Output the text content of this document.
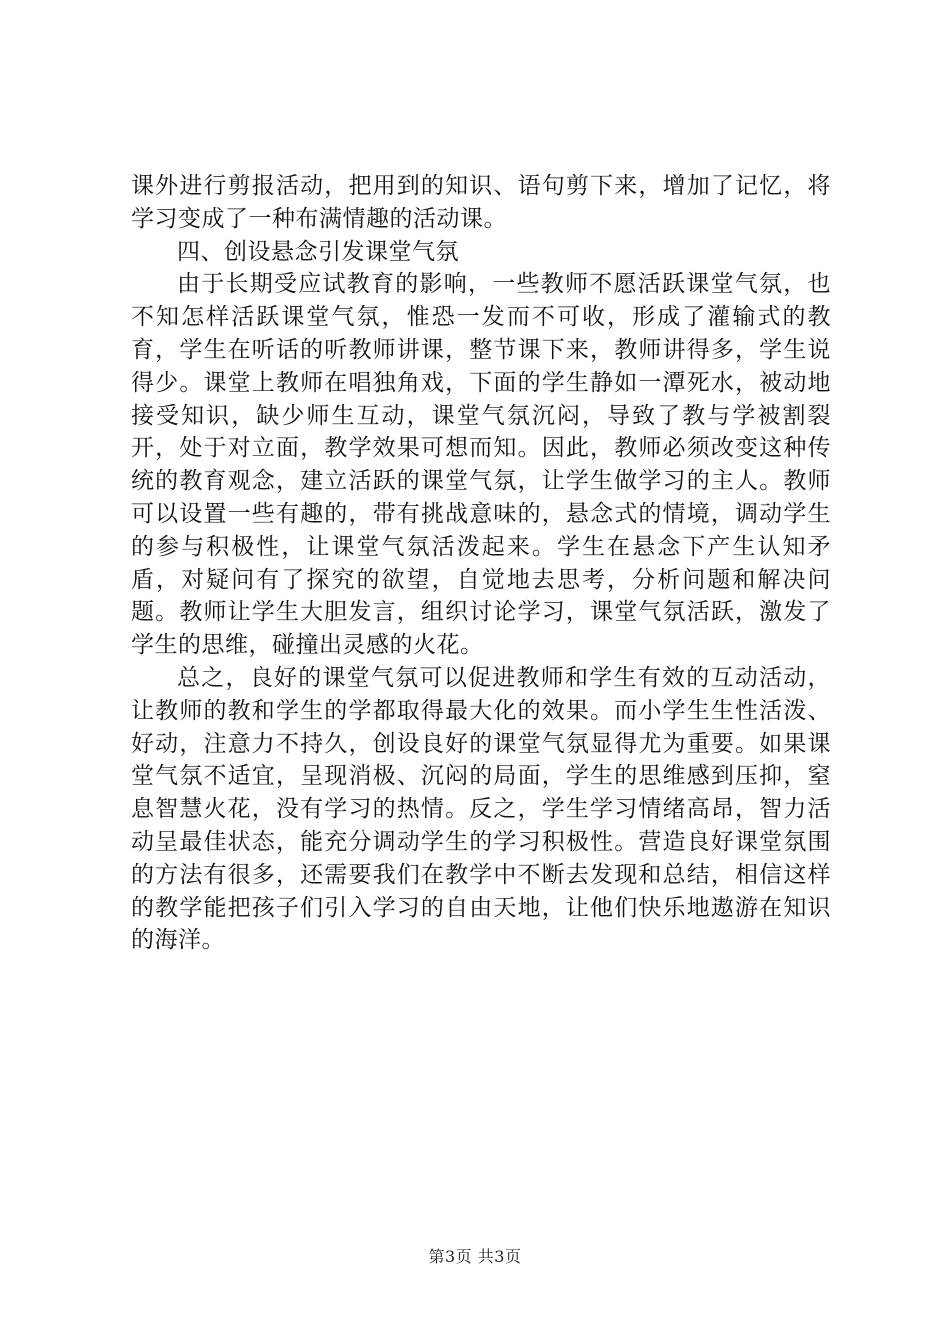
课外进行剪报活动，把用到的知识、语句剪下来，增加了记忆，将学习变成了一种布满情趣的活动课。

四、创设悬念引发课堂气氛

由于长期受应试教育的影响，一些教师不愿活跃课堂气氛，也不知怎样活跃课堂气氛，惟恐一发而不可收，形成了灌输式的教育，学生在听话的听教师讲课，整节课下来，教师讲得多，学生说得少。课堂上教师在唱独角戏，下面的学生静如一潭死水，被动地接受知识，缺少师生互动，课堂气氛沉闷，导致了教与学被割裂开，处于对立面，教学效果可想而知。因此，教师必须改变这种传统的教育观念，建立活跃的课堂气氛，让学生做学习的主人。教师可以设置一些有趣的，带有挑战意味的，悬念式的情境，调动学生的参与积极性，让课堂气氛活泼起来。学生在悬念下产生认知矛盾，对疑问有了探究的欲望，自觉地去思考，分析问题和解决问题。教师让学生大胆发言，组织讨论学习，课堂气氛活跃，激发了学生的思维，碰撞出灵感的火花。

总之，良好的课堂气氛可以促进教师和学生有效的互动活动，让教师的教和学生的学都取得最大化的效果。而小学生生性活泼、好动，注意力不持久，创设良好的课堂气氛显得尤为重要。如果课堂气氛不适宜，呈现消极、沉闷的局面，学生的思维感到压抑，窒息智慧火花，没有学习的热情。反之，学生学习情绪高昂，智力活动呈最佳状态，能充分调动学生的学习积极性。营造良好课堂氛围的方法有很多，还需要我们在教学中不断去发现和总结，相信这样的教学能把孩子们引入学习的自由天地，让他们快乐地遨游在知识的海洋。

第3页 共3页
